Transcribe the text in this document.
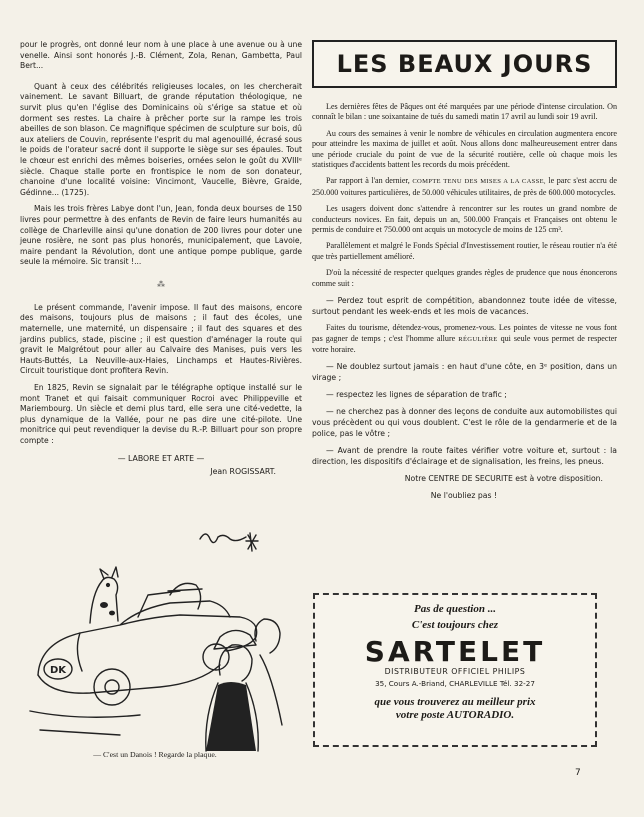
pour le progrès, ont donné leur nom à une place à une avenue ou à une venelle. Ainsi sont honorés J.-B. Clément, Zola, Renan, Gambetta, Paul Bert...

Quant à ceux des célébrités religieuses locales, on les chercherait vainement. Le savant Billuart, de grande réputation théologique, ne survit plus qu'en l'église des Dominicains où s'érige sa statue et où dorment ses restes. La chaire à prêcher porte sur la rampe les trois abeilles de son blason. Ce magnifique spécimen de sculpture sur bois, dû aux ateliers de Couvin, représente l'esprit du mal agenouillé, écrasé sous le poids de l'orateur sacré dont il supporte le siège sur ses épaules. Tout le chœur est enrichi des mêmes boiseries, ornées selon le goût du XVIIIᵉ siècle. Chaque stalle porte en frontispice le nom de son donateur, chanoine d'une localité voisine: Vincimont, Vaucelle, Bièvre, Graide, Gédinne... (1725).

Mais les trois frères Labye dont l'un, Jean, fonda deux bourses de 150 livres pour permettre à des enfants de Revin de faire leurs humanités au collège de Charleville ainsi qu'une donation de 200 livres pour doter une jeune rosière, ne sont pas plus honorés, municipalement, que Lavoie, maire pendant la Révolution, dont une antique pompe publique, garde seule la mémoire. Sic transit !...

⁂

Le présent commande, l'avenir impose. Il faut des maisons, encore des maisons, toujours plus de maisons ; il faut des écoles, une maternelle, une maternité, un dispensaire ; il faut des squares et des jardins publics, stade, piscine ; il est question d'aménager la route qui gravit le Malgrétout pour aller au Calvaire des Manises, puis vers les Hauts-Buttés, La Neuville-aux-Haies, Linchamps et Hautes-Rivières. Circuit touristique dont profitera Revin.

En 1825, Revin se signalait par le télégraphe optique installé sur le mont Tranet et qui faisait communiquer Rocroi avec Philippeville et Mariembourg. Un siècle et demi plus tard, elle sera une cité-vedette, la plus dynamique de la Vallée, pour ne pas dire une cité-pilote. Une monitrice qui peut revendiquer la devise du R.-P. Billuart pour son propre compte :

— LABORE ET ARTE —
Jean ROGISSART.
DK
— C'est un Danois ! Regarde la plaque.
LES BEAUX JOURS

Les dernières fêtes de Pâques ont été marquées par une période d'intense circulation. On connaît le bilan : une soixantaine de tués du samedi matin 17 avril au lundi soir 19 avril.

Au cours des semaines à venir le nombre de véhicules en circulation augmentera encore pour atteindre les maxima de juillet et août. Nous allons donc malheureusement entrer dans une période cruciale du point de vue de la sécurité routière, celle où chaque mois les statistiques d'accidents battent les records du mois précédent.

Par rapport à l'an dernier, COMPTE TENU DES MISES A LA CASSE, le parc s'est accru de 250.000 voitures particulières, de 50.000 véhicules utilitaires, de près de 600.000 motocycles.

Les usagers doivent donc s'attendre à rencontrer sur les routes un grand nombre de conducteurs novices. En fait, depuis un an, 500.000 Français et Françaises ont obtenu le permis de conduire et 750.000 ont acquis un motocycle de moins de 125 cm³.

Parallèlement et malgré le Fonds Spécial d'Investissement routier, le réseau routier n'a été que très partiellement amélioré.

D'où la nécessité de respecter quelques grandes règles de prudence que nous énoncerons comme suit :

— Perdez tout esprit de compétition, abandonnez toute idée de vitesse, surtout pendant les week-ends et les mois de vacances.

Faites du tourisme, détendez-vous, promenez-vous. Les pointes de vitesse ne vous font pas gagner de temps ; c'est l'homme allure RÉGULIÈRE qui seule vous permet de respecter votre horaire.

— Ne doublez surtout jamais : en haut d'une côte, en 3ᵉ position, dans un virage ;

— respectez les lignes de séparation de trafic ;

— ne cherchez pas à donner des leçons de conduite aux automobilistes qui vous précèdent ou qui vous doublent. C'est le rôle de la gendarmerie et de la police, pas le vôtre ;

— Avant de prendre la route faites vérifier votre voiture et, surtout : la direction, les dispositifs d'éclairage et de signalisation, les freins, les pneus.

Notre CENTRE DE SECURITE est à votre disposition.

Ne l'oubliez pas !

Pas de question ...
C'est toujours chez
SARTELET
DISTRIBUTEUR OFFICIEL PHILIPS
35, Cours A.-Briand, CHARLEVILLE Tél. 32-27
que vous trouverez au meilleur prix
votre poste AUTORADIO.
7
